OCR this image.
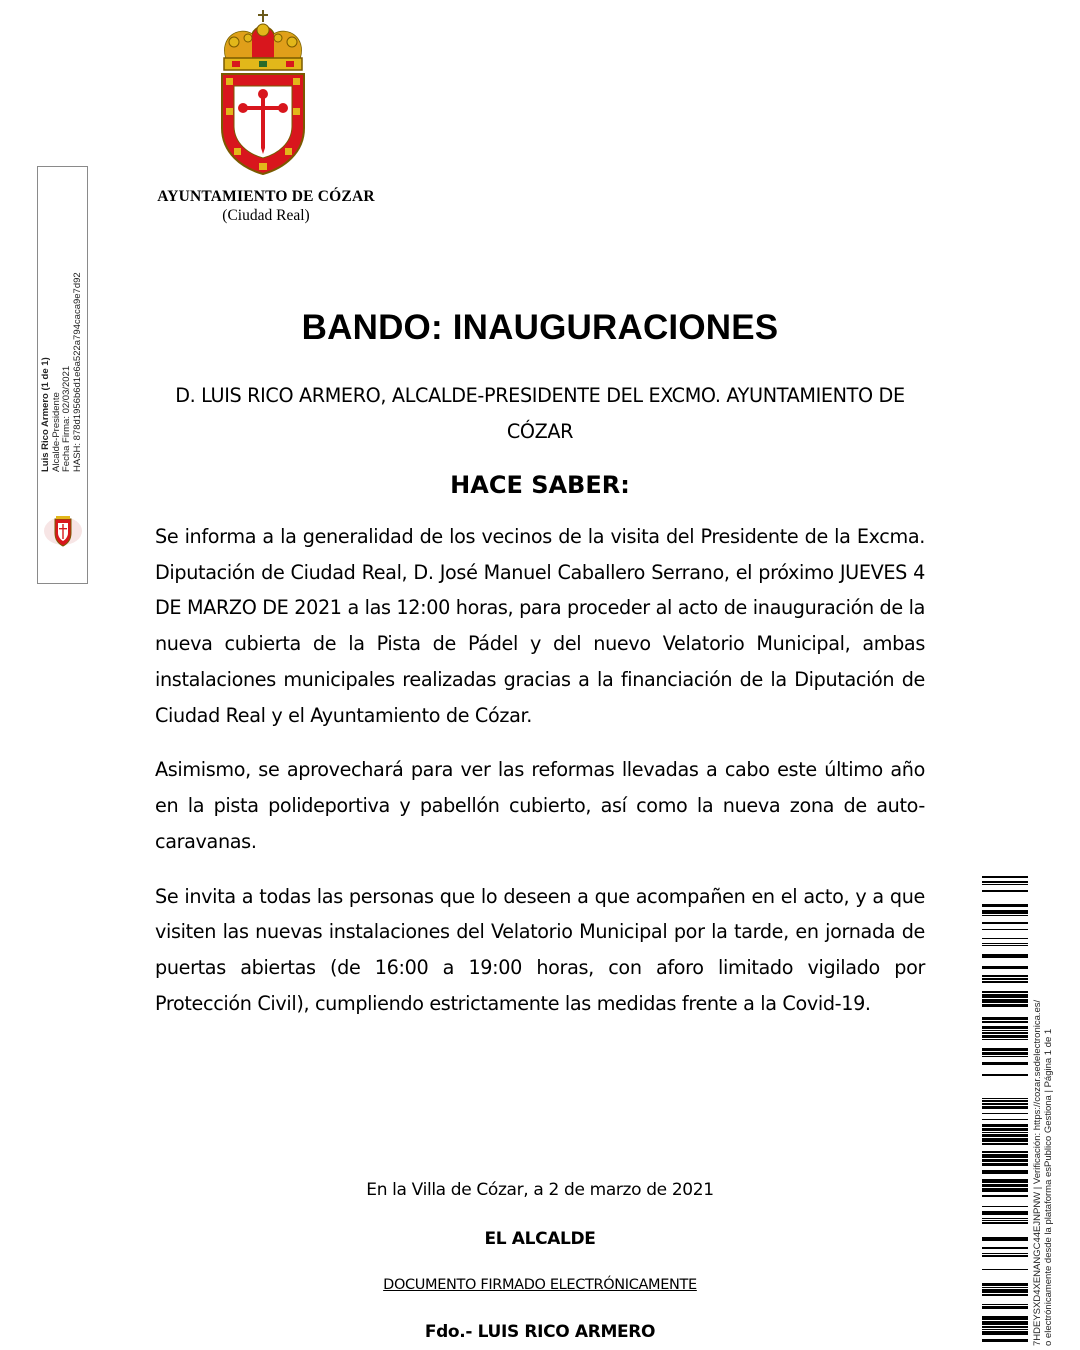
AYUNTAMIENTO DE CÓZAR
(Ciudad Real)
Luis Rico Armero (1 de 1) Alcalde-Presidente Fecha Firma: 02/03/2021 HASH: 878d1956b6d1e6a522a794caca9e7d92	BANDO: INAUGURACIONES
D. LUIS RICO ARMERO, ALCALDE-PRESIDENTE DEL EXCMO. AYUNTAMIENTO DE CÓZAR
HACE SABER:

Se informa a la generalidad de los vecinos de la visita del Presidente de la Excma. Diputación de Ciudad Real, D. José Manuel Caballero Serrano, el próximo JUEVES 4 DE MARZO DE 2021 a las 12:00 horas, para proceder al acto de inauguración de la nueva cubierta de la Pista de Pádel y del nuevo Velatorio Municipal, ambas instalaciones municipales realizadas gracias a la financiación de la Diputación de Ciudad Real y el Ayuntamiento de Cózar.

Asimismo, se aprovechará para ver las reformas llevadas a cabo este último año en la pista polideportiva y pabellón cubierto, así como la nueva zona de auto-caravanas.

Se invita a todas las personas que lo deseen a que acompañen en el acto, y a que visiten las nuevas instalaciones del Velatorio Municipal por la tarde, en jornada de puertas abiertas (de 16:00 a 19:00 horas, con aforo limitado vigilado por Protección Civil), cumpliendo estrictamente las medidas frente a la Covid-19.

En la Villa de Cózar, a 2 de marzo de 2021
EL ALCALDE
DOCUMENTO FIRMADO ELECTRÓNICAMENTE
Fdo.- LUIS RICO ARMERO	7HDEYSXD4XENANGC44EJNPNW | Verificación: https://cozar.sedelectronica.es/ o electrónicamente desde la plataforma esPublico Gestiona | Página 1 de 1
